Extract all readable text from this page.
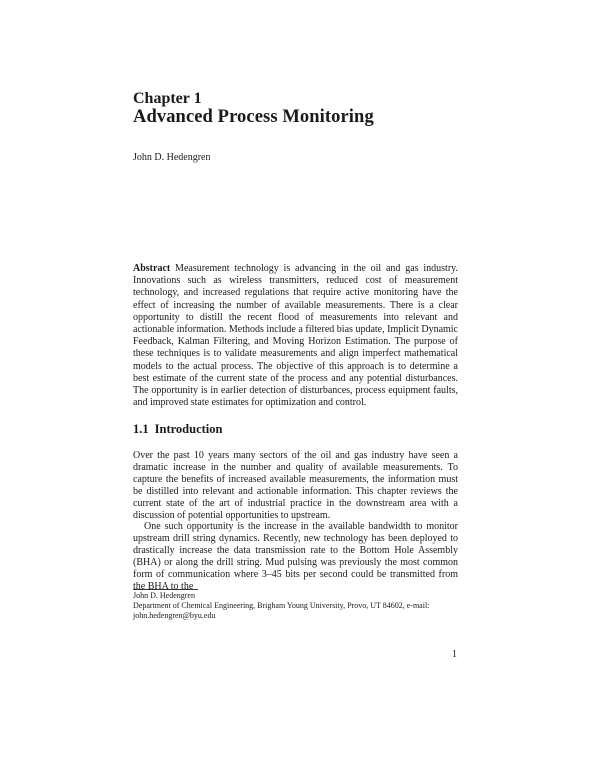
Chapter 1
Advanced Process Monitoring
John D. Hedengren
Abstract Measurement technology is advancing in the oil and gas industry. Innovations such as wireless transmitters, reduced cost of measurement technology, and increased regulations that require active monitoring have the effect of increasing the number of available measurements. There is a clear opportunity to distill the recent flood of measurements into relevant and actionable information. Methods include a filtered bias update, Implicit Dynamic Feedback, Kalman Filtering, and Moving Horizon Estimation. The purpose of these techniques is to validate measurements and align imperfect mathematical models to the actual process. The objective of this approach is to determine a best estimate of the current state of the process and any potential disturbances. The opportunity is in earlier detection of disturbances, process equipment faults, and improved state estimates for optimization and control.
1.1 Introduction

Over the past 10 years many sectors of the oil and gas industry have seen a dramatic increase in the number and quality of available measurements. To capture the benefits of increased available measurements, the information must be distilled into relevant and actionable information. This chapter reviews the current state of the art of industrial practice in the downstream area with a discussion of potential opportunities to upstream.

One such opportunity is the increase in the available bandwidth to monitor upstream drill string dynamics. Recently, new technology has been deployed to drastically increase the data transmission rate to the Bottom Hole Assembly (BHA) or along the drill string. Mud pulsing was previously the most common form of communication where 3–45 bits per second could be transmitted from the BHA to the

John D. Hedengren
Department of Chemical Engineering, Brigham Young University, Provo, UT 84602, e-mail:
john.hedengren@byu.edu
1
